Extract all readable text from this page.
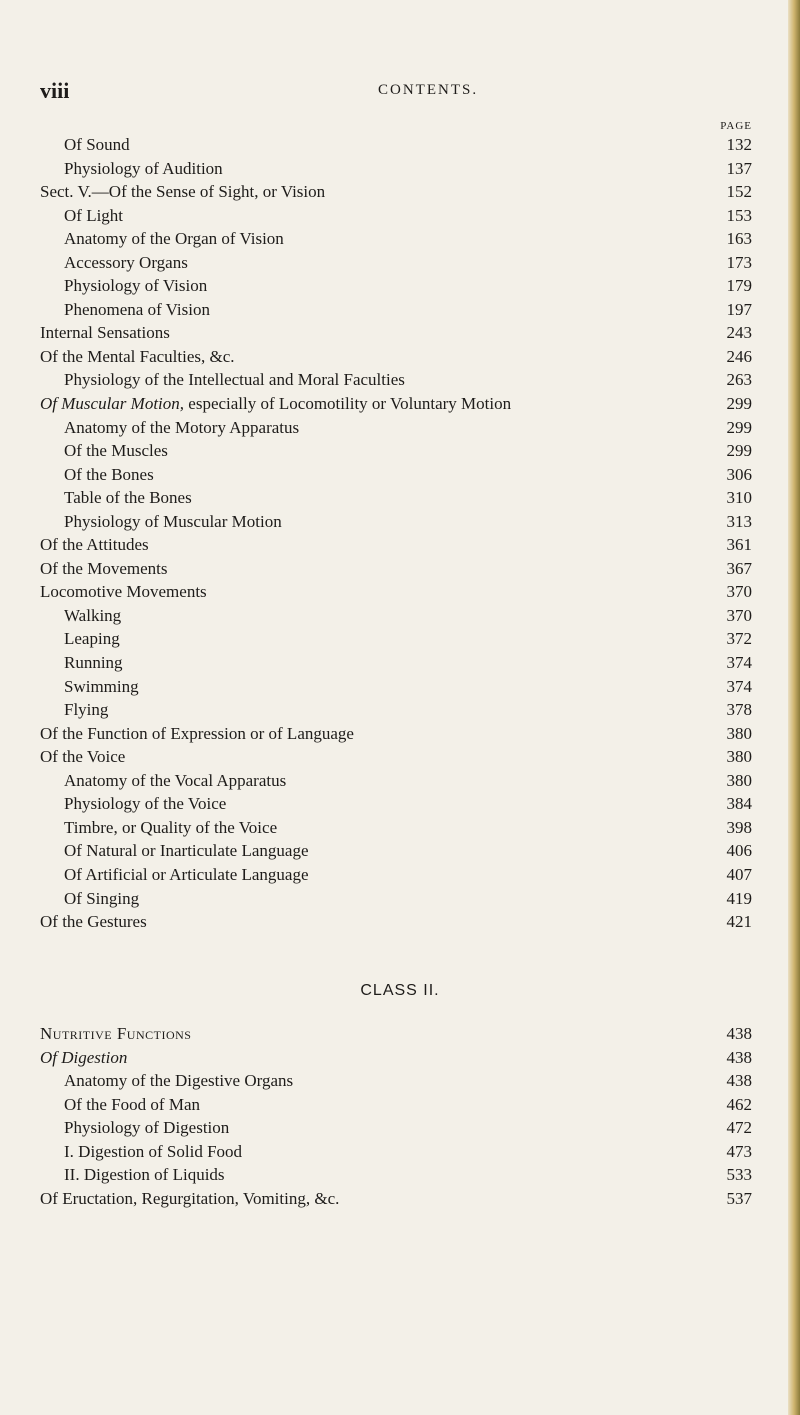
viii	CONTENTS.
PAGE
Of Sound	132
Physiology of Audition	137
Sect. V.—Of the Sense of Sight, or Vision	152
Of Light	153
Anatomy of the Organ of Vision	163
Accessory Organs	173
Physiology of Vision	179
Phenomena of Vision	197
Internal Sensations	243
Of the Mental Faculties, &c.	246
Physiology of the Intellectual and Moral Faculties	263
Of Muscular Motion, especially of Locomotility or Voluntary Motion	299
Anatomy of the Motory Apparatus	299
Of the Muscles	299
Of the Bones	306
Table of the Bones	310
Physiology of Muscular Motion	313
Of the Attitudes	361
Of the Movements	367
Locomotive Movements	370
Walking	370
Leaping	372
Running	374
Swimming	374
Flying	378
Of the Function of Expression or of Language	380
Of the Voice	380
Anatomy of the Vocal Apparatus	380
Physiology of the Voice	384
Timbre, or Quality of the Voice	398
Of Natural or Inarticulate Language	406
Of Artificial or Articulate Language	407
Of Singing	419
Of the Gestures	421
CLASS II.
Nutritive Functions	438
Of Digestion	438
Anatomy of the Digestive Organs	438
Of the Food of Man	462
Physiology of Digestion	472
I. Digestion of Solid Food	473
II. Digestion of Liquids	533
Of Eructation, Regurgitation, Vomiting, &c.	537
